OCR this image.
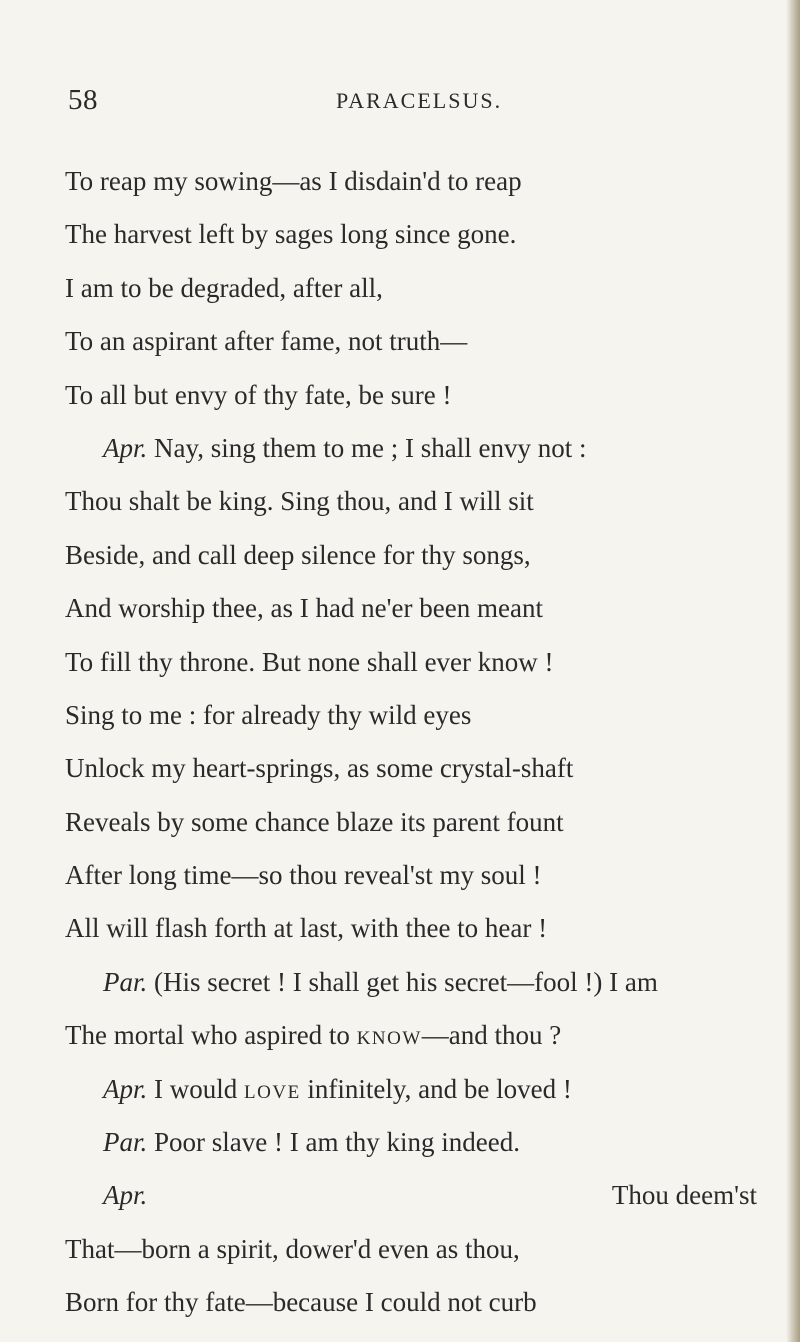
58	PARACELSUS.
To reap my sowing—as I disdain'd to reap
The harvest left by sages long since gone.
I am to be degraded, after all,
To an aspirant after fame, not truth—
To all but envy of thy fate, be sure !
Apr. Nay, sing them to me ; I shall envy not :
Thou shalt be king. Sing thou, and I will sit
Beside, and call deep silence for thy songs,
And worship thee, as I had ne'er been meant
To fill thy throne. But none shall ever know !
Sing to me : for already thy wild eyes
Unlock my heart-springs, as some crystal-shaft
Reveals by some chance blaze its parent fount
After long time—so thou reveal'st my soul !
All will flash forth at last, with thee to hear !
Par. (His secret ! I shall get his secret—fool !) I am
The mortal who aspired to KNOW—and thou ?
Apr. I would LOVE infinitely, and be loved !
Par. Poor slave ! I am thy king indeed.
Apr.	Thou deem'st
That—born a spirit, dower'd even as thou,
Born for thy fate—because I could not curb
